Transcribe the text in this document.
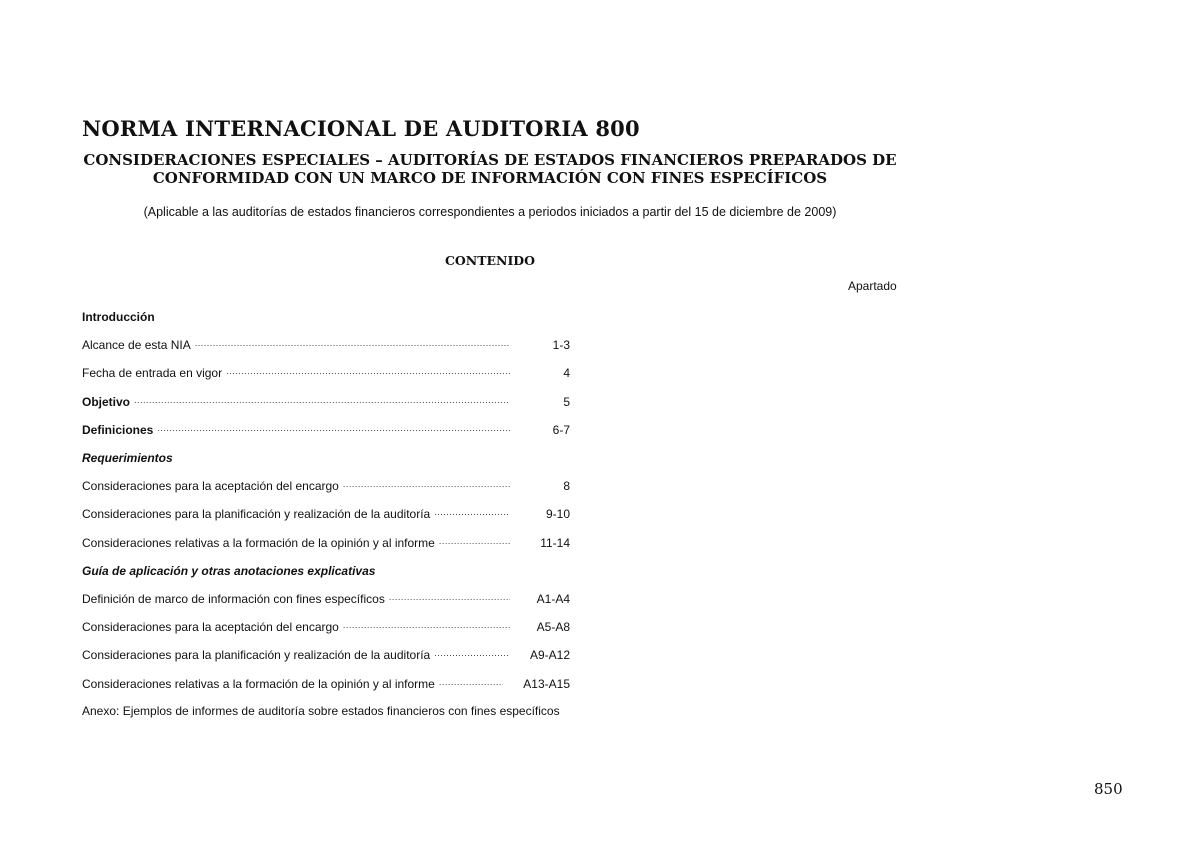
NORMA INTERNACIONAL DE AUDITORIA 800
CONSIDERACIONES ESPECIALES – AUDITORÍAS DE ESTADOS FINANCIEROS PREPARADOS DE
CONFORMIDAD CON UN MARCO DE INFORMACIÓN CON FINES ESPECÍFICOS
(Aplicable a las auditorías de estados financieros correspondientes a periodos iniciados a partir del 15 de diciembre de 2009)
CONTENIDO
Apartado
Introducción
Alcance de esta NIA .....	1-3
Fecha de entrada en vigor .....	4
Objetivo .....	5
Definiciones .....	6-7
Requerimientos
Consideraciones para la aceptación del encargo .....	8
Consideraciones para la planificación y realización de la auditoría .....	9-10
Consideraciones relativas a la formación de la opinión y al informe .....	11-14
Guía de aplicación y otras anotaciones explicativas
Definición de marco de información con fines específicos .....	A1-A4
Consideraciones para la aceptación del encargo .....	A5-A8
Consideraciones para la planificación y realización de la auditoría .....	A9-A12
Consideraciones relativas a la formación de la opinión y al informe .....	A13-A15
Anexo: Ejemplos de informes de auditoría sobre estados financieros con fines específicos
850
